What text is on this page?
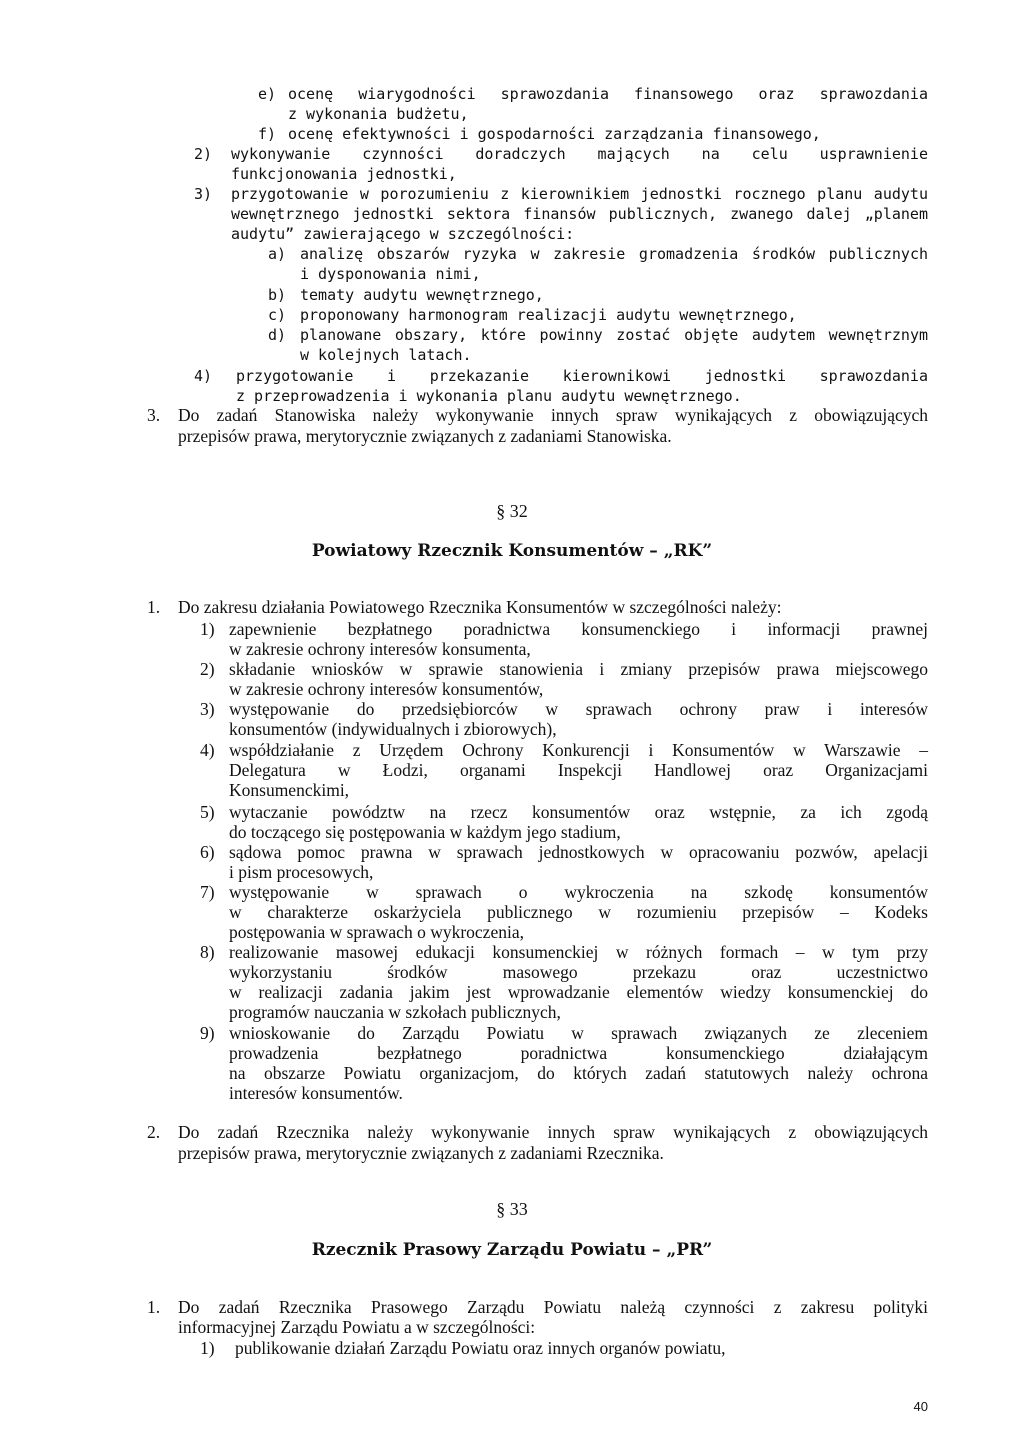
e) ocenę wiarygodności sprawozdania finansowego oraz sprawozdania
z wykonania budżetu,
f) ocenę efektywności i gospodarności zarządzania finansowego,
2) wykonywanie czynności doradczych mających na celu usprawnienie
funkcjonowania jednostki,
3) przygotowanie w porozumieniu z kierownikiem jednostki rocznego planu audytu
wewnętrznego jednostki sektora finansów publicznych, zwanego dalej „planem
audytu” zawierającego w szczególności:
a) analizę obszarów ryzyka w zakresie gromadzenia środków publicznych
i dysponowania nimi,
b) tematy audytu wewnętrznego,
c) proponowany harmonogram realizacji audytu wewnętrznego,
d) planowane obszary, które powinny zostać objęte audytem wewnętrznym
w kolejnych latach.
4) przygotowanie i przekazanie kierownikowi jednostki sprawozdania
z przeprowadzenia i wykonania planu audytu wewnętrznego.
3. Do zadań Stanowiska należy wykonywanie innych spraw wynikających z obowiązujących
przepisów prawa, merytorycznie związanych z zadaniami Stanowiska.
§ 32
Powiatowy Rzecznik Konsumentów – „RK”
1. Do zakresu działania Powiatowego Rzecznika Konsumentów w szczególności należy:
1) zapewnienie bezpłatnego poradnictwa konsumenckiego i informacji prawnej
w zakresie ochrony interesów konsumenta,
2) składanie wniosków w sprawie stanowienia i zmiany przepisów prawa miejscowego
w zakresie ochrony interesów konsumentów,
3) występowanie do przedsiębiorców w sprawach ochrony praw i interesów
konsumentów (indywidualnych i zbiorowych),
4) współdziałanie z Urzędem Ochrony Konkurencji i Konsumentów w Warszawie –
Delegatura w Łodzi, organami Inspekcji Handlowej oraz Organizacjami
Konsumenckimi,
5) wytaczanie powództw na rzecz konsumentów oraz wstępnie, za ich zgodą
do toczącego się postępowania w każdym jego stadium,
6) sądowa pomoc prawna w sprawach jednostkowych w opracowaniu pozwów, apelacji
i pism procesowych,
7) występowanie w sprawach o wykroczenia na szkodę konsumentów
w charakterze oskarżyciela publicznego w rozumieniu przepisów – Kodeks
postępowania w sprawach o wykroczenia,
8) realizowanie masowej edukacji konsumenckiej w różnych formach – w tym przy
wykorzystaniu środków masowego przekazu oraz uczestnictwo
w realizacji zadania jakim jest wprowadzanie elementów wiedzy konsumenckiej do
programów nauczania w szkołach publicznych,
9) wnioskowanie do Zarządu Powiatu w sprawach związanych ze zleceniem
prowadzenia bezpłatnego poradnictwa konsumenckiego działającym
na obszarze Powiatu organizacjom, do których zadań statutowych należy ochrona
interesów konsumentów.
2. Do zadań Rzecznika należy wykonywanie innych spraw wynikających z obowiązujących
przepisów prawa, merytorycznie związanych z zadaniami Rzecznika.
§ 33
Rzecznik Prasowy Zarządu Powiatu – „PR”
1. Do zadań Rzecznika Prasowego Zarządu Powiatu należą czynności z zakresu polityki
informacyjnej Zarządu Powiatu a w szczególności:
1) publikowanie działań Zarządu Powiatu oraz innych organów powiatu,
40
